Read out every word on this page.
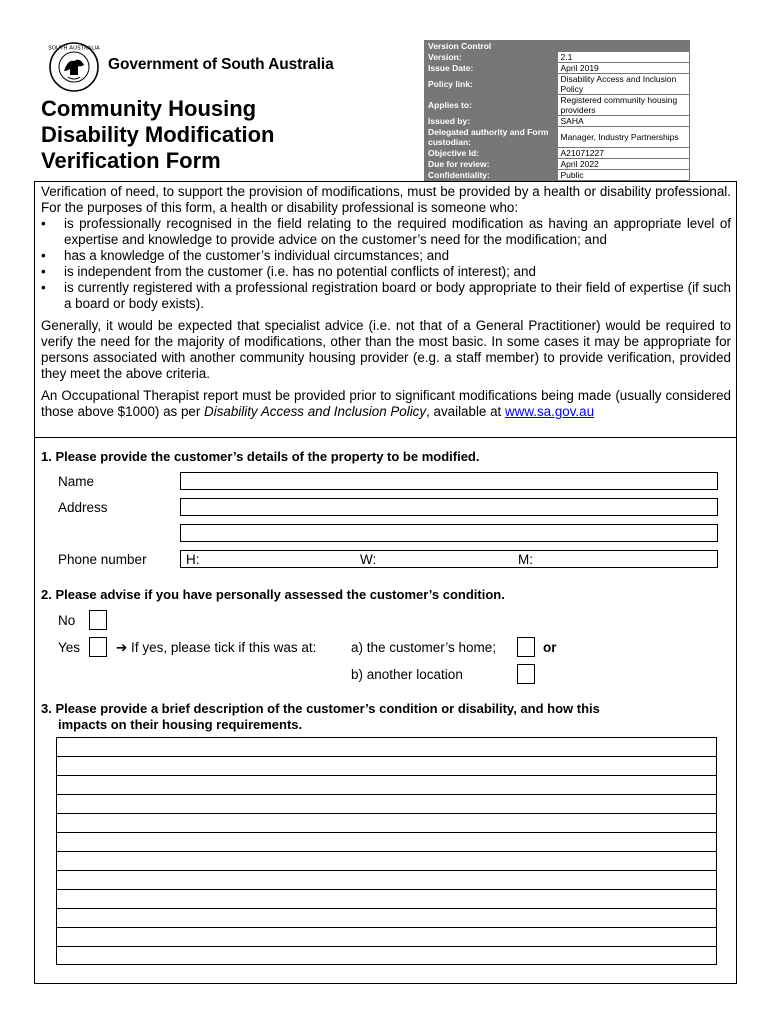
SOUTH AUSTRALIA
Government of South Australia
Community Housing
Disability Modification
Verification Form
Version Control	
Version:	2.1
Issue Date:	April 2019
Policy link:	Disability Access and Inclusion Policy
Applies to:	Registered community housing providers
Issued by:	SAHA
Delegated authority and Form custodian:	Manager, Industry Partnerships
Objective Id:	A21071227
Due for review:	April 2022
Confidentiality:	Public

Verification of need, to support the provision of modifications, must be provided by a health or disability professional. For the purposes of this form, a health or disability professional is someone who:

• is professionally recognised in the field relating to the required modification as having an appropriate level of expertise and knowledge to provide advice on the customer’s need for the modification; and
• has a knowledge of the customer’s individual circumstances; and
• is independent from the customer (i.e. has no potential conflicts of interest); and
• is currently registered with a professional registration board or body appropriate to their field of expertise (if such a board or body exists).

Generally, it would be expected that specialist advice (i.e. not that of a General Practitioner) would be required to verify the need for the majority of modifications, other than the most basic. In some cases it may be appropriate for persons associated with another community housing provider (e.g. a staff member) to provide verification, provided they meet the above criteria.

An Occupational Therapist report must be provided prior to significant modifications being made (usually considered those above $1000) as per Disability Access and Inclusion Policy, available at www.sa.gov.au

1. Please provide the customer’s details of the property to be modified.
Name
Address
Phone number	H:	W:	M:
2. Please advise if you have personally assessed the customer’s condition.
No
Yes	➔ If yes, please tick if this was at:	a) the customer’s home;	or
b) another location
3. Please provide a brief description of the customer’s condition or disability, and how this
impacts on their housing requirements.
